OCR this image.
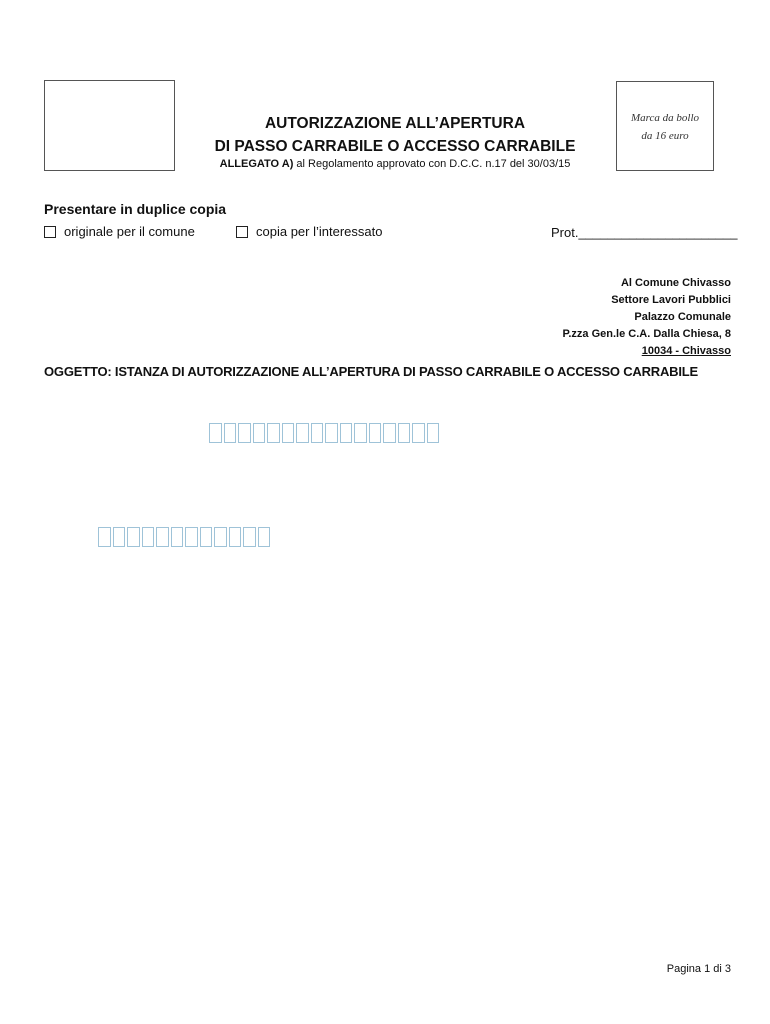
AUTORIZZAZIONE ALL’APERTURA
DI PASSO CARRABILE O ACCESSO CARRABILE
ALLEGATO A) al Regolamento approvato con D.C.C. n.17 del 30/03/15
Marca da bollo
da 16 euro
Presentare in duplice copia
originale per il comune	copia per l’interessato	Prot.______________________
Al Comune Chivasso
Settore Lavori Pubblici
Palazzo Comunale
P.zza Gen.le C.A. Dalla Chiesa, 8
10034 - Chivasso
OGGETTO: ISTANZA DI AUTORIZZAZIONE ALL’APERTURA DI PASSO CARRABILE O ACCESSO CARRABILE
Pagina 1 di 3
